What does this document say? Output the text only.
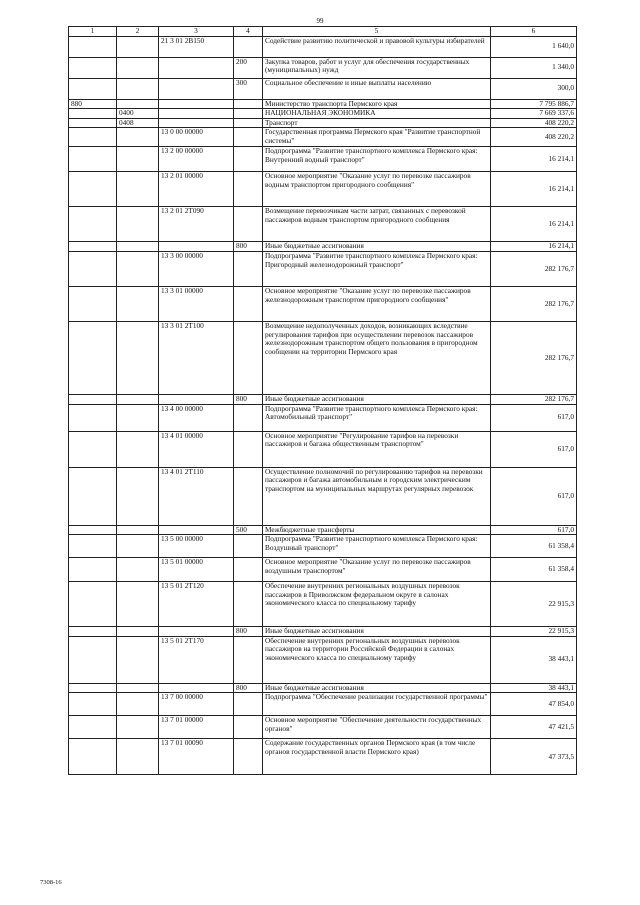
99
1	2	3	4	5	6
		21 3 01 2В150		Содействие развитию политической и правовой культуры избирателей	1 640,0
			200	Закупка товаров, работ и услуг для обеспечения государственных (муниципальных) нужд	1 340,0
			300	Социальное обеспечение и иные выплаты населению	300,0
880				Министерство транспорта Пермского края	7 795 886,7
	0400			НАЦИОНАЛЬНАЯ ЭКОНОМИКА	7 669 337,6
	0408			Транспорт	408 220,2
		13 0 00 00000		Государственная программа Пермского края "Развитие транспортной системы"	408 220,2
		13 2 00 00000		Подпрограмма "Развитие транспортного комплекса Пермского края: Внутренний водный транспорт"	16 214,1
		13 2 01 00000		Основное мероприятие "Оказание услуг по перевозке пассажиров водным транспортом пригородного сообщения"	16 214,1
		13 2 01 2Т090		Возмещение перевозчикам части затрат, связанных с перевозкой пассажиров водным транспортом пригородного сообщения	16 214,1
			800	Иные бюджетные ассигнования	16 214,1
		13 3 00 00000		Подпрограмма "Развитие транспортного комплекса Пермского края: Пригородный железнодорожный транспорт"	282 176,7
		13 3 01 00000		Основное мероприятие "Оказание услуг по перевозке пассажиров железнодорожным транспортом пригородного сообщения"	282 176,7
		13 3 01 2Т100		Возмещение недополученных доходов, возникающих вследствие регулирования тарифов при осуществлении перевозок пассажиров железнодорожным транспортом общего пользования в пригородном сообщении на территории Пермского края	282 176,7
			800	Иные бюджетные ассигнования	282 176,7
		13 4 00 00000		Подпрограмма "Развитие транспортного комплекса Пермского края: Автомобильный транспорт"	617,0
		13 4 01 00000		Основное мероприятие "Регулирование тарифов на перевозки пассажиров и багажа общественным транспортом"	617,0
		13 4 01 2Т110		Осуществление полномочий по регулированию тарифов на перевозки пассажиров и багажа автомобильным и городским электрическим транспортом на муниципальных маршрутах регулярных перевозок	617,0
			500	Межбюджетные трансферты	617,0
		13 5 00 00000		Подпрограмма "Развитие транспортного комплекса Пермского края: Воздушный транспорт"	61 358,4
		13 5 01 00000		Основное мероприятие "Оказание услуг по перевозке пассажиров воздушным транспортом"	61 358,4
		13 5 01 2Т120		Обеспечение внутренних региональных воздушных перевозок пассажиров в Приволжском федеральном округе в салонах экономического класса по специальному тарифу	22 915,3
			800	Иные бюджетные ассигнования	22 915,3
		13 5 01 2Т170		Обеспечение внутренних региональных воздушных перевозок пассажиров на территории Российской Федерации в салонах экономического класса по специальному тарифу	38 443,1
			800	Иные бюджетные ассигнования	38 443,1
		13 7 00 00000		Подпрограмма "Обеспечение реализации государственной программы"	47 854,0
		13 7 01 00000		Основное мероприятие "Обеспечение деятельности государственных органов"	47 421,5
		13 7 01 00090		Содержание государственных органов Пермского края (в том числе органов государственной власти Пермского края)	47 373,5
7308-16
